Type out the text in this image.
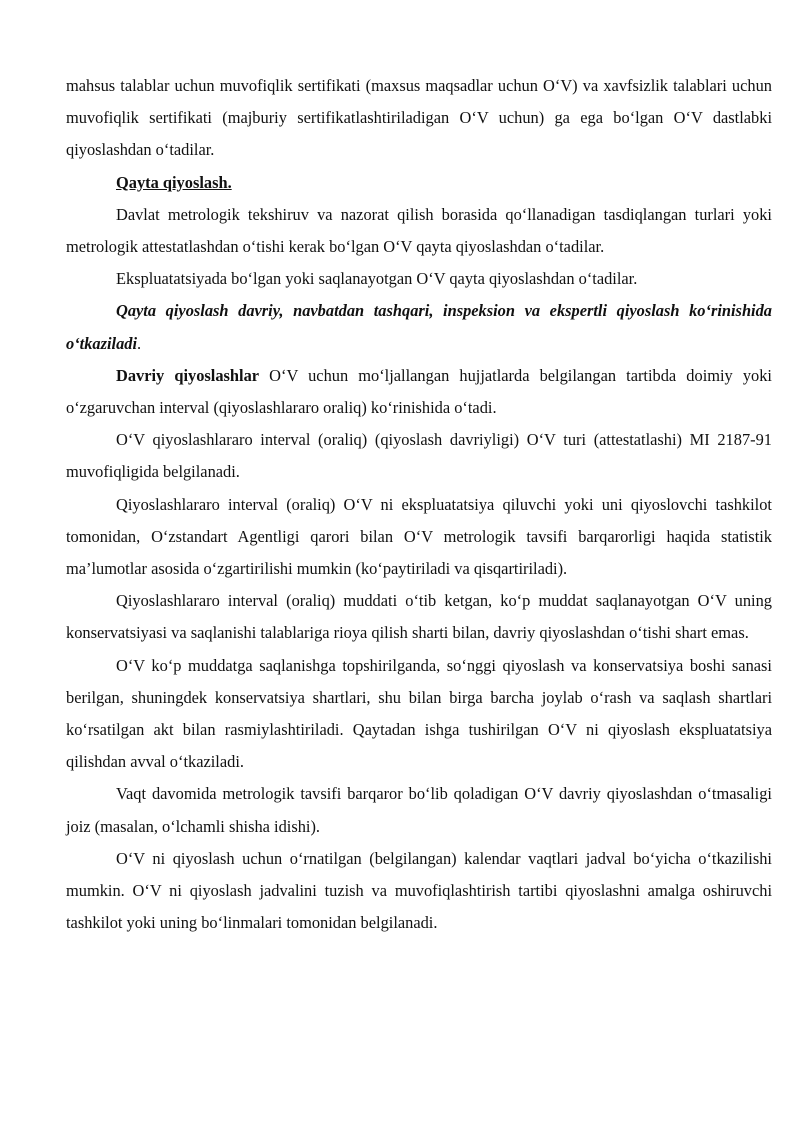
mahsus talablar uchun muvofiqlik sertifikati (maxsus maqsadlar uchun O‘V) va xavfsizlik talablari uchun muvofiqlik sertifikati (majburiy sertifikatlashtiriladigan O‘V uchun) ga ega bo‘lgan O‘V dastlabki qiyoslashdan o‘tadilar.

Qayta qiyoslash.

Davlat metrologik tekshiruv va nazorat qilish borasida qo‘llanadigan tasdiqlangan turlari yoki metrologik attestatlashdan o‘tishi kerak bo‘lgan O‘V qayta qiyoslashdan o‘tadilar.

Ekspluatatsiyada bo‘lgan yoki saqlanayotgan O‘V qayta qiyoslashdan o‘tadilar.

Qayta qiyoslash davriy, navbatdan tashqari, inspeksion va ekspertli qiyoslash ko‘rinishida o‘tkaziladi.

Davriy qiyoslashlar O‘V uchun mo‘ljallangan hujjatlarda belgilangan tartibda doimiy yoki o‘zgaruvchan interval (qiyoslashlararo oraliq) ko‘rinishida o‘tadi.

O‘V qiyoslashlararo interval (oraliq) (qiyoslash davriyligi) O‘V turi (attestatlashi) MI 2187-91 muvofiqligida belgilanadi.

Qiyoslashlararo interval (oraliq) O‘V ni ekspluatatsiya qiluvchi yoki uni qiyoslovchi tashkilot tomonidan, O‘zstandart Agentligi qarori bilan O‘V metrologik tavsifi barqarorligi haqida statistik ma’lumotlar asosida o‘zgartirilishi mumkin (ko‘paytiriladi va qisqartiriladi).

Qiyoslashlararo interval (oraliq) muddati o‘tib ketgan, ko‘p muddat saqlanayotgan O‘V uning konservatsiyasi va saqlanishi talablariga rioya qilish sharti bilan, davriy qiyoslashdan o‘tishi shart emas.

O‘V ko‘p muddatga saqlanishga topshirilganda, so‘nggi qiyoslash va konservatsiya boshi sanasi berilgan, shuningdek konservatsiya shartlari, shu bilan birga barcha joylab o‘rash va saqlash shartlari ko‘rsatilgan akt bilan rasmiylashtiriladi. Qaytadan ishga tushirilgan O‘V ni qiyoslash ekspluatatsiya qilishdan avval o‘tkaziladi.

Vaqt davomida metrologik tavsifi barqaror bo‘lib qoladigan O‘V davriy qiyoslashdan o‘tmasaligi joiz (masalan, o‘lchamli shisha idishi).

O‘V ni qiyoslash uchun o‘rnatilgan (belgilangan) kalendar vaqtlari jadval bo‘yicha o‘tkazilishi mumkin. O‘V ni qiyoslash jadvalini tuzish va muvofiqlashtirish tartibi qiyoslashni amalga oshiruvchi tashkilot yoki uning bo‘linmalari tomonidan belgilanadi.
